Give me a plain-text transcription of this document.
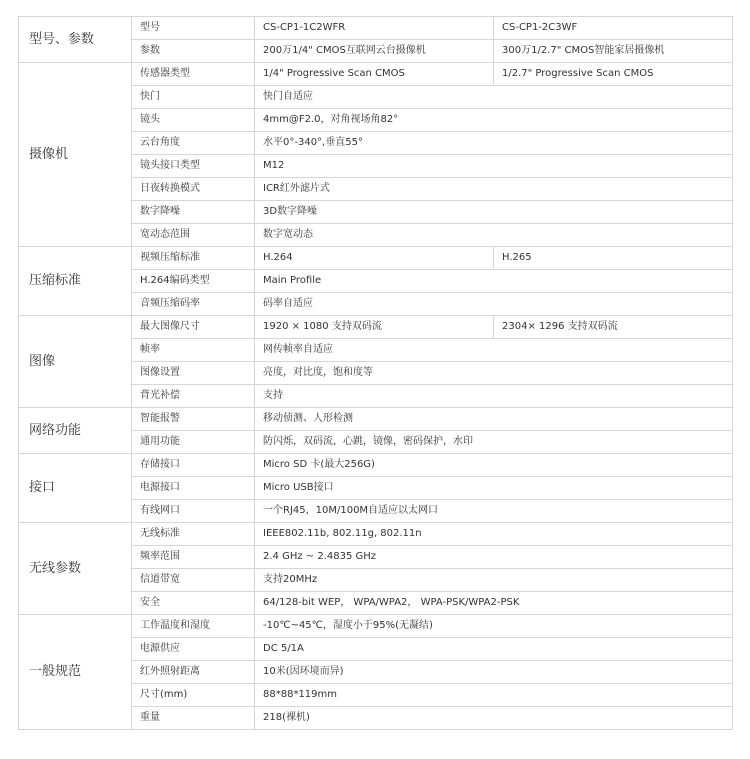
型号、参数	型号	CS-CP1-1C2WFR	CS-CP1-2C3WF
	参数	200万1/4" CMOS互联网云台摄像机	300万1/2.7" CMOS智能家居摄像机
摄像机	传感器类型	1/4" Progressive Scan CMOS	1/2.7" Progressive Scan CMOS
	快门	快门自适应	
	镜头	4mm@F2.0，对角视场角82°	
	云台角度	水平0°-340°,垂直55°	
	镜头接口类型	M12	
	日夜转换模式	ICR红外滤片式	
	数字降噪	3D数字降噪	
	宽动态范围	数字宽动态	
压缩标准	视频压缩标准	H.264	H.265
	H.264编码类型	Main Profile	
	音频压缩码率	码率自适应	
图像	最大图像尺寸	1920 × 1080 支持双码流	2304× 1296 支持双码流
	帧率	网传帧率自适应	
	图像设置	亮度，对比度，饱和度等	
	背光补偿	支持	
网络功能	智能报警	移动侦测、人形检测	
	通用功能	防闪烁，双码流，心跳，镜像，密码保护，水印	
接口	存储接口	Micro SD 卡(最大256G)	
	电源接口	Micro USB接口	
	有线网口	一个RJ45，10M/100M自适应以太网口	
无线参数	无线标准	IEEE802.11b, 802.11g, 802.11n	
	频率范围	2.4 GHz ~ 2.4835 GHz	
	信道带宽	支持20MHz	
	安全	64/128-bit WEP， WPA/WPA2， WPA-PSK/WPA2-PSK	
一般规范	工作温度和湿度	-10℃~45℃，湿度小于95%(无凝结)	
	电源供应	DC 5/1A	
	红外照射距离	10米(因环境而异)	
	尺寸(mm)	88*88*119mm	
	重量	218(裸机)	
